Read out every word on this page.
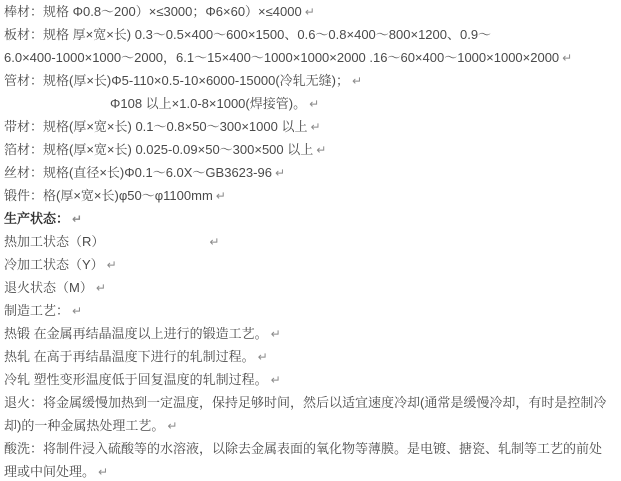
棒材：规格 Φ0.8～200）×≤3000；Φ6×60）×≤4000 ↵
板材：规格 厚×宽×长) 0.3～0.5×400～600×1500、0.6～0.8×400～800×1200、0.9～
6.0×400-1000×1000～2000，6.1～15×400～1000×1000×2000 .16～60×400～1000×1000×2000 ↵
管材：规格(厚×长)Φ5-110×0.5-10×6000-15000(冷轧无缝)； ↵
Φ108 以上×1.0-8×1000(焊接管)。 ↵
带材：规格(厚×宽×长) 0.1～0.8×50～300×1000 以上 ↵
箔材：规格(厚×宽×长) 0.025-0.09×50～300×500 以上 ↵
丝材：规格(直径×长)Φ0.1～6.0X～GB3623-96 ↵
锻件：格(厚×宽×长)φ50～φ1100mm ↵
生产状态： ↵
热加工状态（R）	↵
冷加工状态（Y） ↵
退火状态（M） ↵
制造工艺： ↵
热锻 在金属再结晶温度以上进行的锻造工艺。 ↵
热轧 在高于再结晶温度下进行的轧制过程。 ↵
冷轧 塑性变形温度低于回复温度的轧制过程。 ↵
退火：将金属缓慢加热到一定温度，保持足够时间，然后以适宜速度冷却(通常是缓慢冷却，有时是控制冷
却)的一种金属热处理工艺。 ↵
酸洗：将制件浸入硫酸等的水溶液，以除去金属表面的氧化物等薄膜。是电镀、搪瓷、轧制等工艺的前处
理或中间处理。 ↵
